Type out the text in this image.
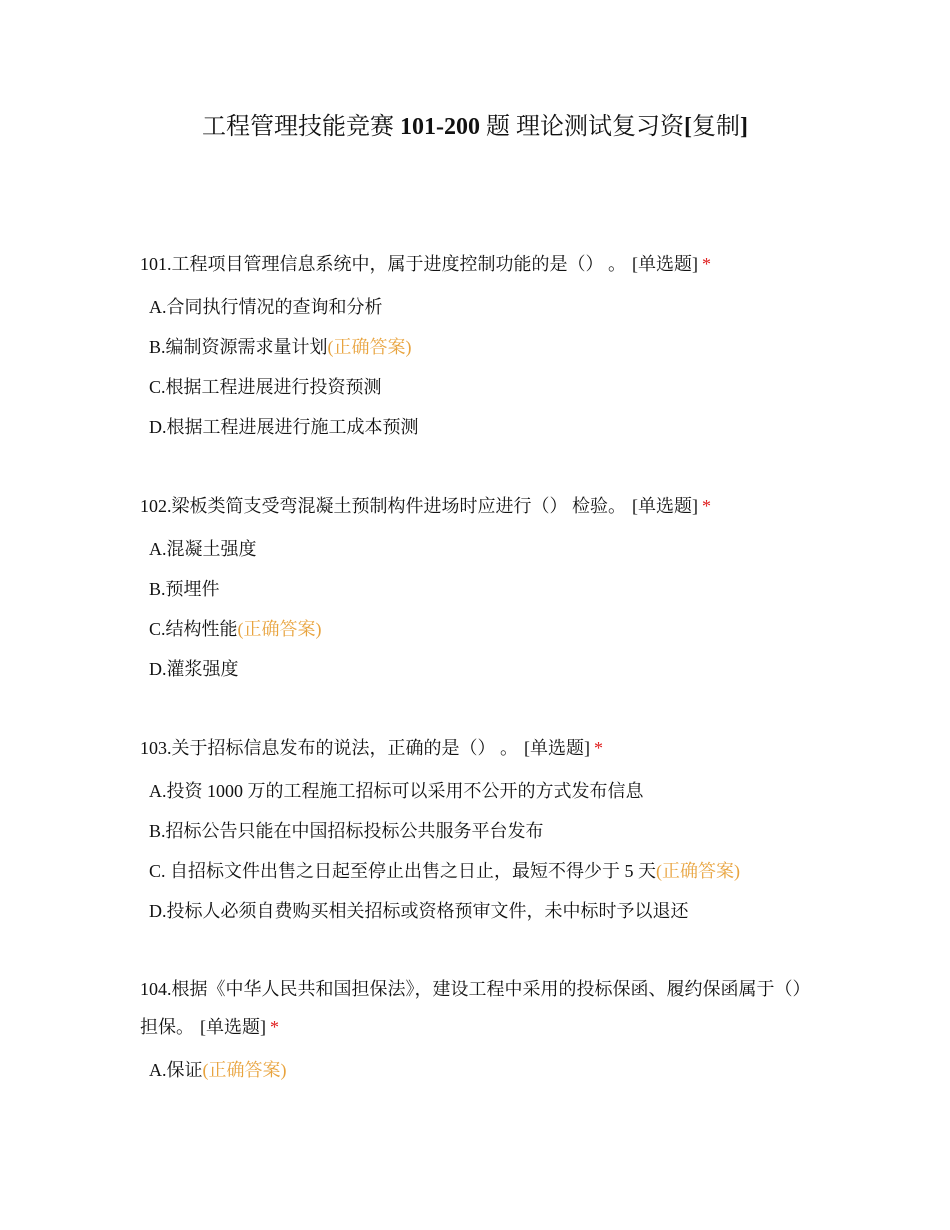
工程管理技能竞赛 101-200 题 理论测试复习资[复制]

101.工程项目管理信息系统中，属于进度控制功能的是（） 。 [单选题] *

A.合同执行情况的查询和分析

B.编制资源需求量计划(正确答案)

C.根据工程进展进行投资预测

D.根据工程进展进行施工成本预测

102.梁板类简支受弯混凝土预制构件进场时应进行（） 检验。 [单选题] *

A.混凝土强度

B.预埋件

C.结构性能(正确答案)

D.灌浆强度

103.关于招标信息发布的说法，正确的是（） 。 [单选题] *

A.投资 1000 万的工程施工招标可以采用不公开的方式发布信息

B.招标公告只能在中国招标投标公共服务平台发布

C. 自招标文件出售之日起至停止出售之日止，最短不得少于 5 天(正确答案)

D.投标人必须自费购买相关招标或资格预审文件，未中标时予以退还

104.根据《中华人民共和国担保法》，建设工程中采用的投标保函、履约保函属于（）担保。 [单选题] *

A.保证(正确答案)
